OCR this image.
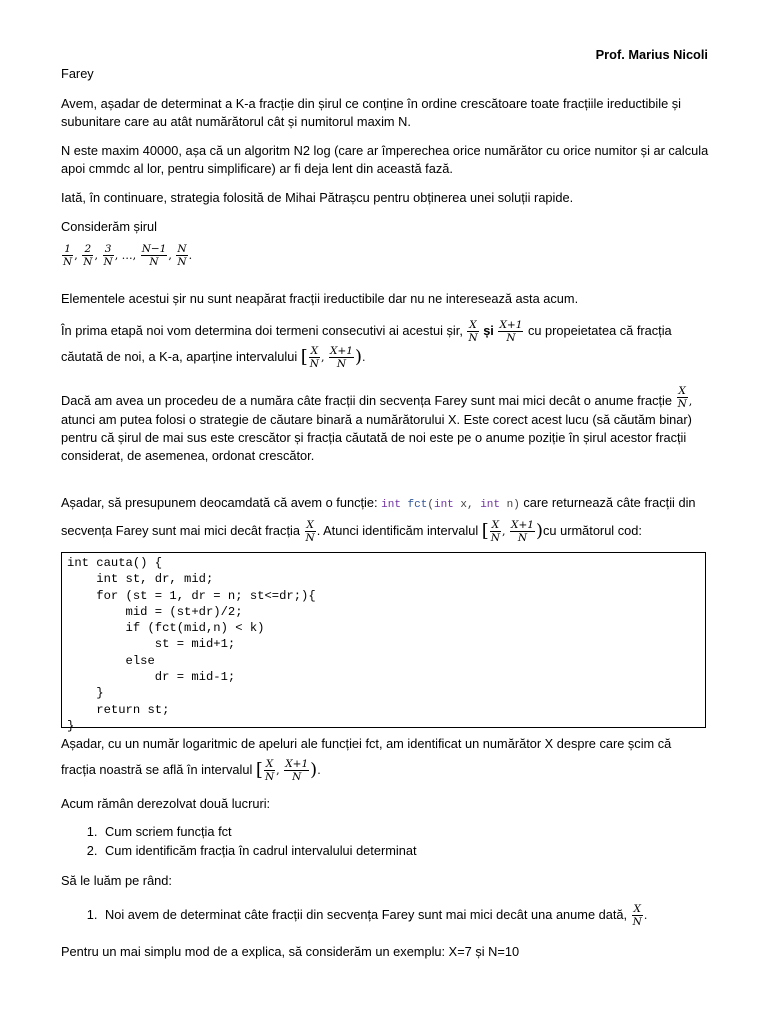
Prof. Marius Nicoli
Farey
Avem, așadar de determinat a K-a fracție din șirul ce conține în ordine crescătoare toate fracțiile ireductibile și subunitare care au atât numărătorul cât și numitorul maxim N.
N este maxim 40000, așa că un algoritm N2 log (care ar împerechea orice numărător cu orice numitor și ar calcula apoi cmmdc al lor, pentru simplificare) ar fi deja lent din această fază.
Iată, în continuare, strategia folosită de Mihai Pătrașcu pentru obținerea unei soluții rapide.
Considerăm șirul
$\frac{1}{N}$ , $\frac{2}{N}$ , $\frac{3}{N}$ , …, $\frac{N-1}{N}$ , $\frac{N}{N}$ .
Elementele acestui șir nu sunt neapărat fracții ireductibile dar nu ne interesează asta acum.
În prima etapă noi vom determina doi termeni consecutivi ai acestui șir, $\frac{X}{N}$ și $\frac{X+1}{N}$ cu propeietatea că fracția
căutată de noi, a K-a, aparține intervalului [ $\frac{X}{N}$ , $\frac{X+1}{N}$ ).
Dacă am avea un procedeu de a număra câte fracții din secvența Farey sunt mai mici decât o anume fracție $\frac{X}{N}$ ,
atunci am putea folosi o strategie de căutare binară a numărătorului X. Este corect acest lucu (să căutăm binar) pentru că șirul de mai sus este crescător și fracția căutată de noi este pe o anume poziție în șirul acestor fracții considerat, de asemenea, ordonat crescător.
Așadar, să presupunem deocamdată că avem o funcție: int fct(int x, int n) care returnează câte fracții din
secvența Farey sunt mai mici decât fracția $\frac{X}{N}$ . Atunci identificăm intervalul [ $\frac{X}{N}$ , $\frac{X+1}{N} )cu$ următorul cod:
int cauta() {
int st, dr, mid;
for (st = 1, dr = n; st<=dr;){
mid = (st+dr)/2;
if (fct(mid,n) < k)
st = mid+1;
else
dr = mid-1;
}
return st;
}
Așadar, cu un număr logaritmic de apeluri ale funcției fct, am identificat un numărător X despre care șcim că
fracția noastră se află în intervalul [ $\frac{X}{N}$ , $\frac{X+1}{N}$ ).
Acum rămân derezolvat două lucruri:
1. Cum scriem funcția fct
2. Cum identificăm fracția în cadrul intervalului determinat
Să le luăm pe rând:
1. Noi avem de determinat câte fracții din secvența Farey sunt mai mici decât una anume dată, $\frac{X}{N}$ .
Pentru un mai simplu mod de a explica, să considerăm un exemplu: X=7 și N=10
